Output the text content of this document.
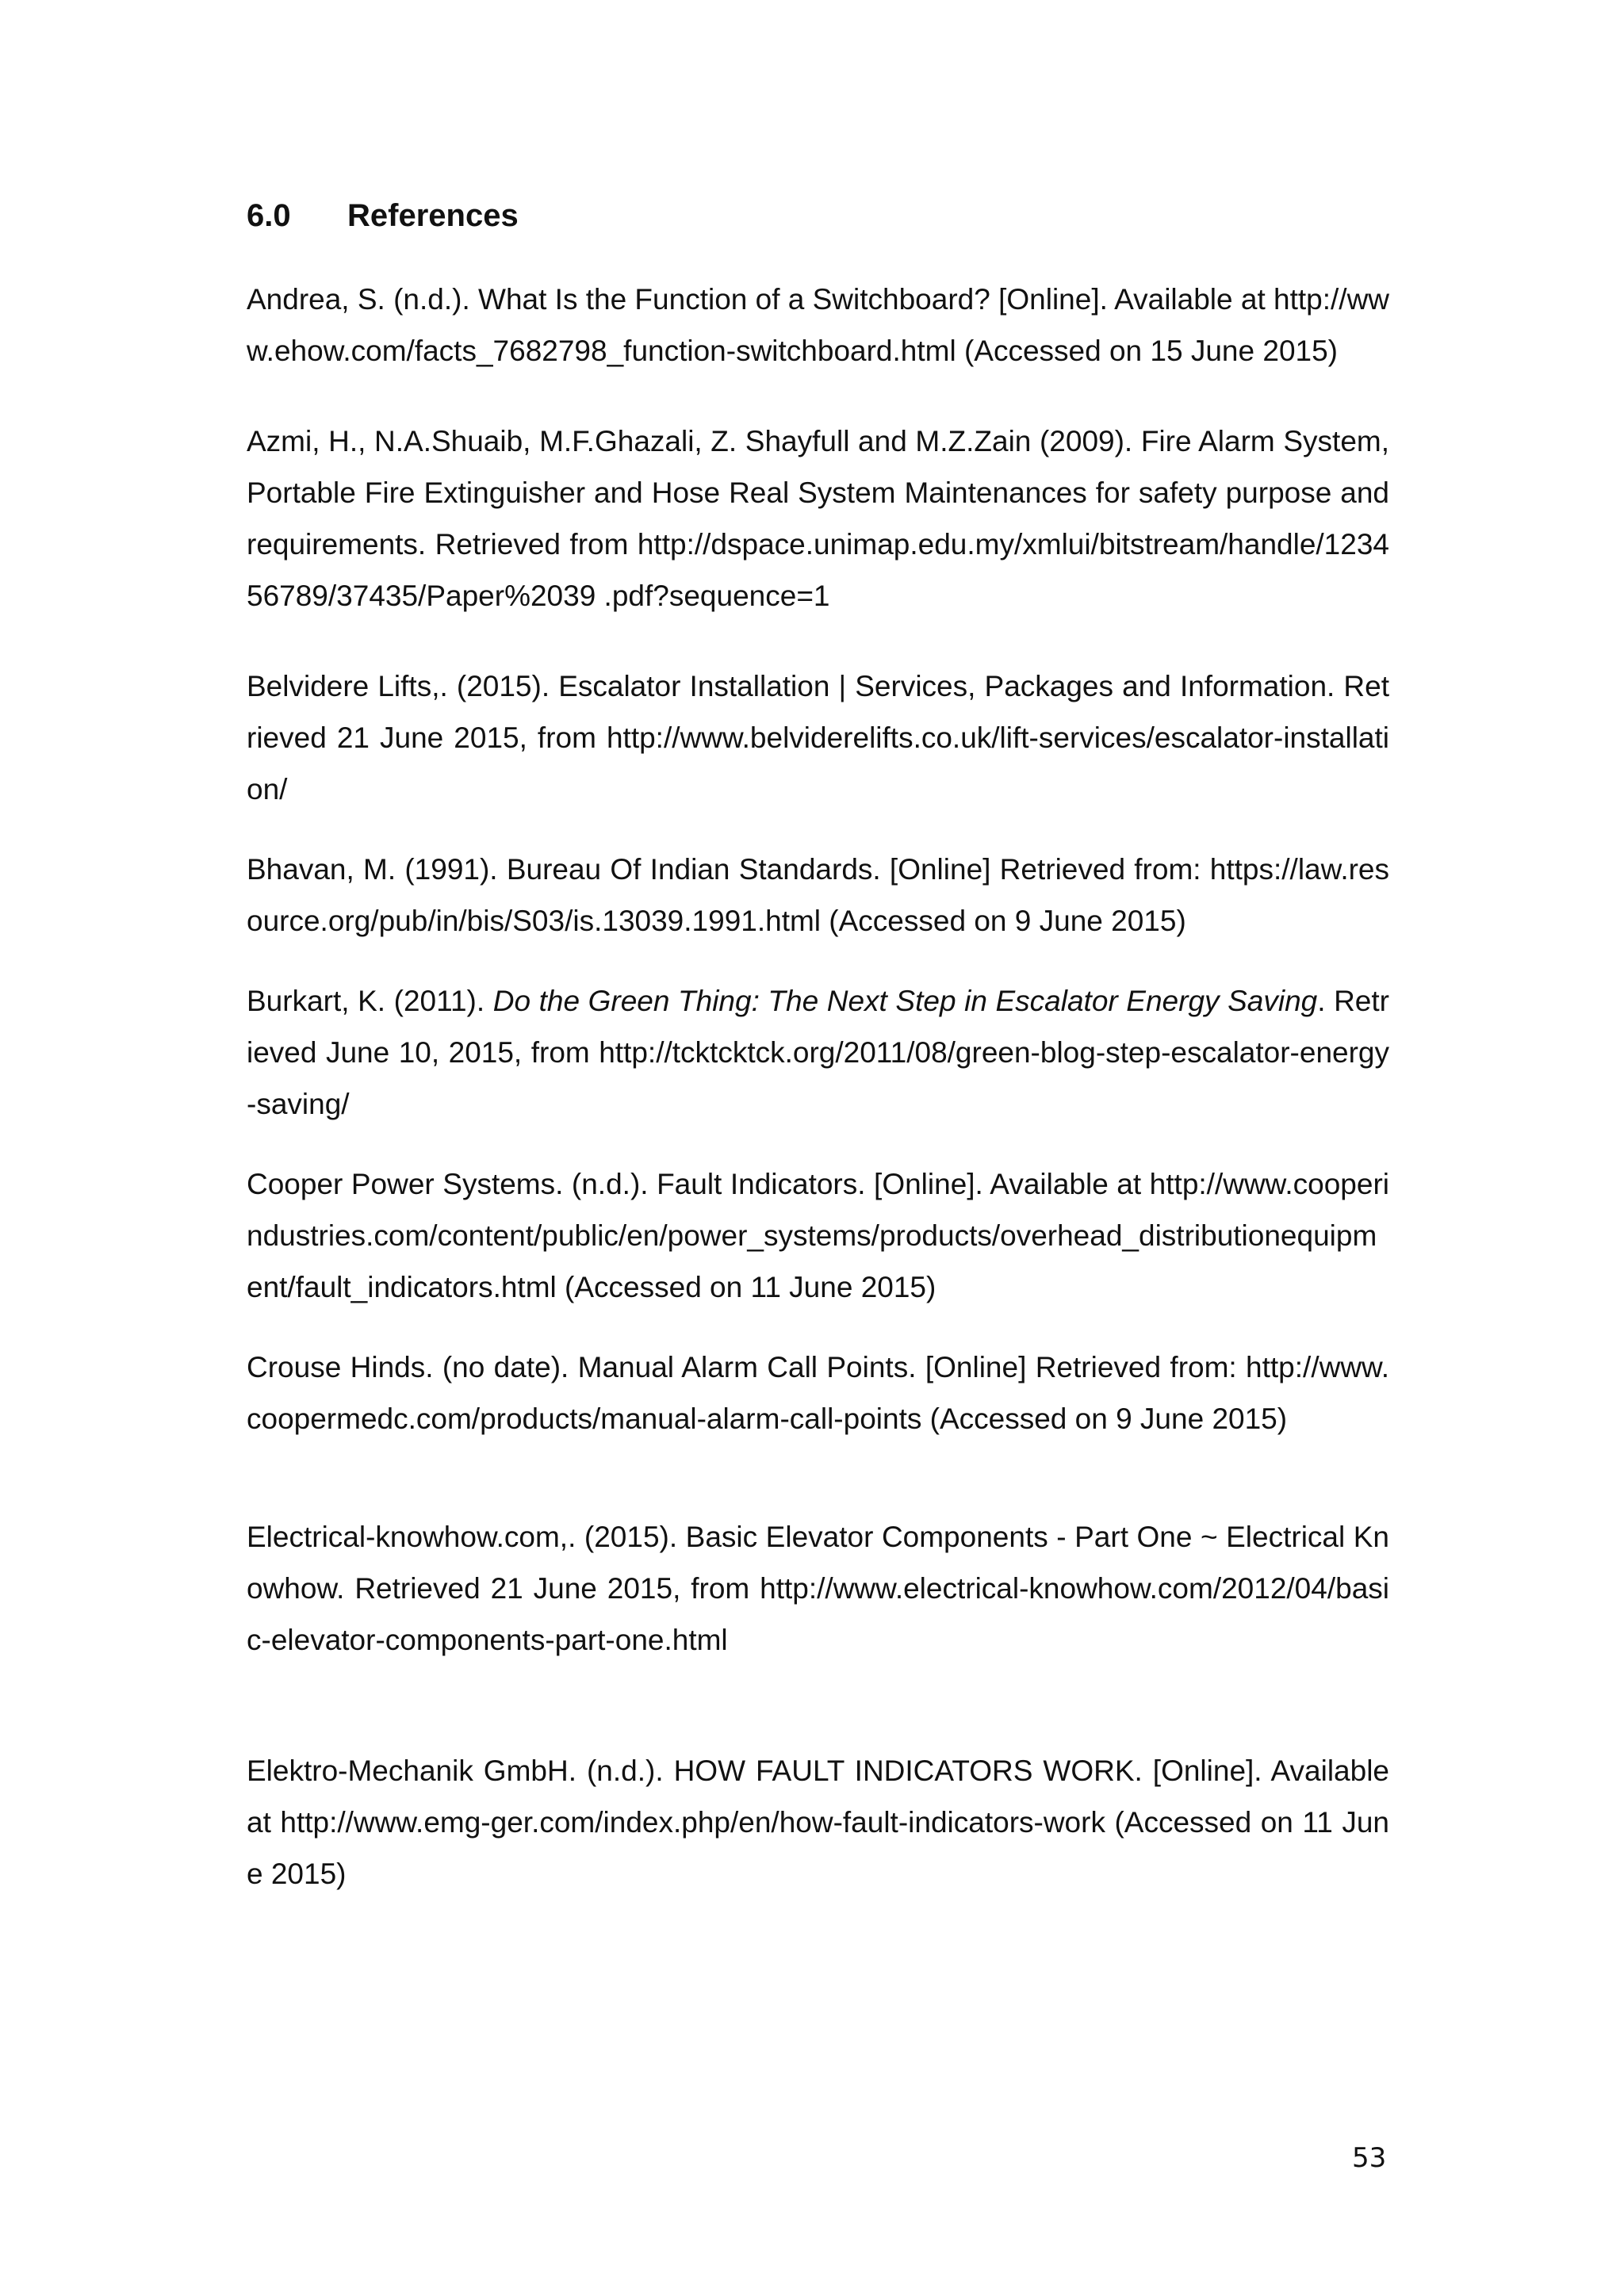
6.0 References

Andrea, S. (n.d.). What Is the Function of a Switchboard? [Online]. Available at http://www.ehow.com/facts_7682798_function-switchboard.html (Accessed on 15 June 2015)

Azmi, H., N.A.Shuaib, M.F.Ghazali, Z. Shayfull and M.Z.Zain (2009). Fire Alarm System, Portable Fire Extinguisher and Hose Real System Maintenances for safety purpose and requirements. Retrieved from http://dspace.unimap.edu.my/xmlui/bitstream/handle/123456789/37435/Paper%2039 .pdf?sequence=1

Belvidere Lifts,. (2015). Escalator Installation | Services, Packages and Information. Retrieved 21 June 2015, from http://www.belviderelifts.co.uk/lift-services/escalator-installation/

Bhavan, M. (1991). Bureau Of Indian Standards. [Online] Retrieved from: https://law.resource.org/pub/in/bis/S03/is.13039.1991.html (Accessed on 9 June 2015)

Burkart, K. (2011). Do the Green Thing: The Next Step in Escalator Energy Saving. Retrieved June 10, 2015, from http://tcktcktck.org/2011/08/green-blog-step-escalator-energy-saving/

Cooper Power Systems. (n.d.). Fault Indicators. [Online]. Available at http://www.cooperindustries.com/content/public/en/power_systems/products/overhead_distributionequipment/fault_indicators.html (Accessed on 11 June 2015)

Crouse Hinds. (no date). Manual Alarm Call Points. [Online] Retrieved from: http://www.coopermedc.com/products/manual-alarm-call-points (Accessed on 9 June 2015)

Electrical-knowhow.com,. (2015). Basic Elevator Components - Part One ~ Electrical Knowhow. Retrieved 21 June 2015, from http://www.electrical-knowhow.com/2012/04/basic-elevator-components-part-one.html

Elektro-Mechanik GmbH. (n.d.). HOW FAULT INDICATORS WORK. [Online]. Available at http://www.emg-ger.com/index.php/en/how-fault-indicators-work (Accessed on 11 June 2015)

53
